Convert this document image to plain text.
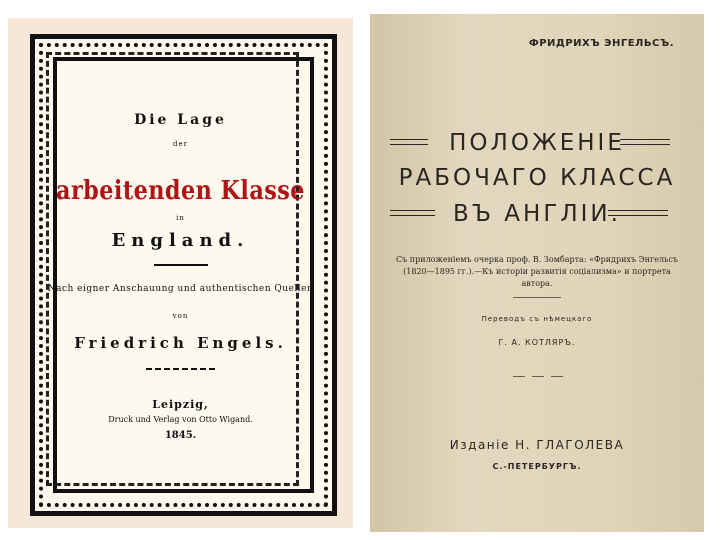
Die Lage
der
arbeitenden Klasse
in
England.
Nach eigner Anschauung und authentischen Quellen
von
Friedrich Engels.
Leipzig,
Druck und Verlag von Otto Wigand.
1845.
ФРИДРИХЪ ЭНГЕЛЬСЪ.
ПОЛОЖЕНІЕ
РАБОЧАГО КЛАССА
ВЪ АНГЛІИ.
Съ приложеніемъ очерка проф. В. Зомбарта: «Фридрихъ Энгельсъ (1820—1895 гг.).—Къ исторіи развитія соціализма» и портрета автора.
Переводъ съ нѣмецкаго
Г. А. КОТЛЯРЪ.
Изданіе Н. ГЛАГОЛЕВА
С.-ПЕТЕРБУРГЪ.
